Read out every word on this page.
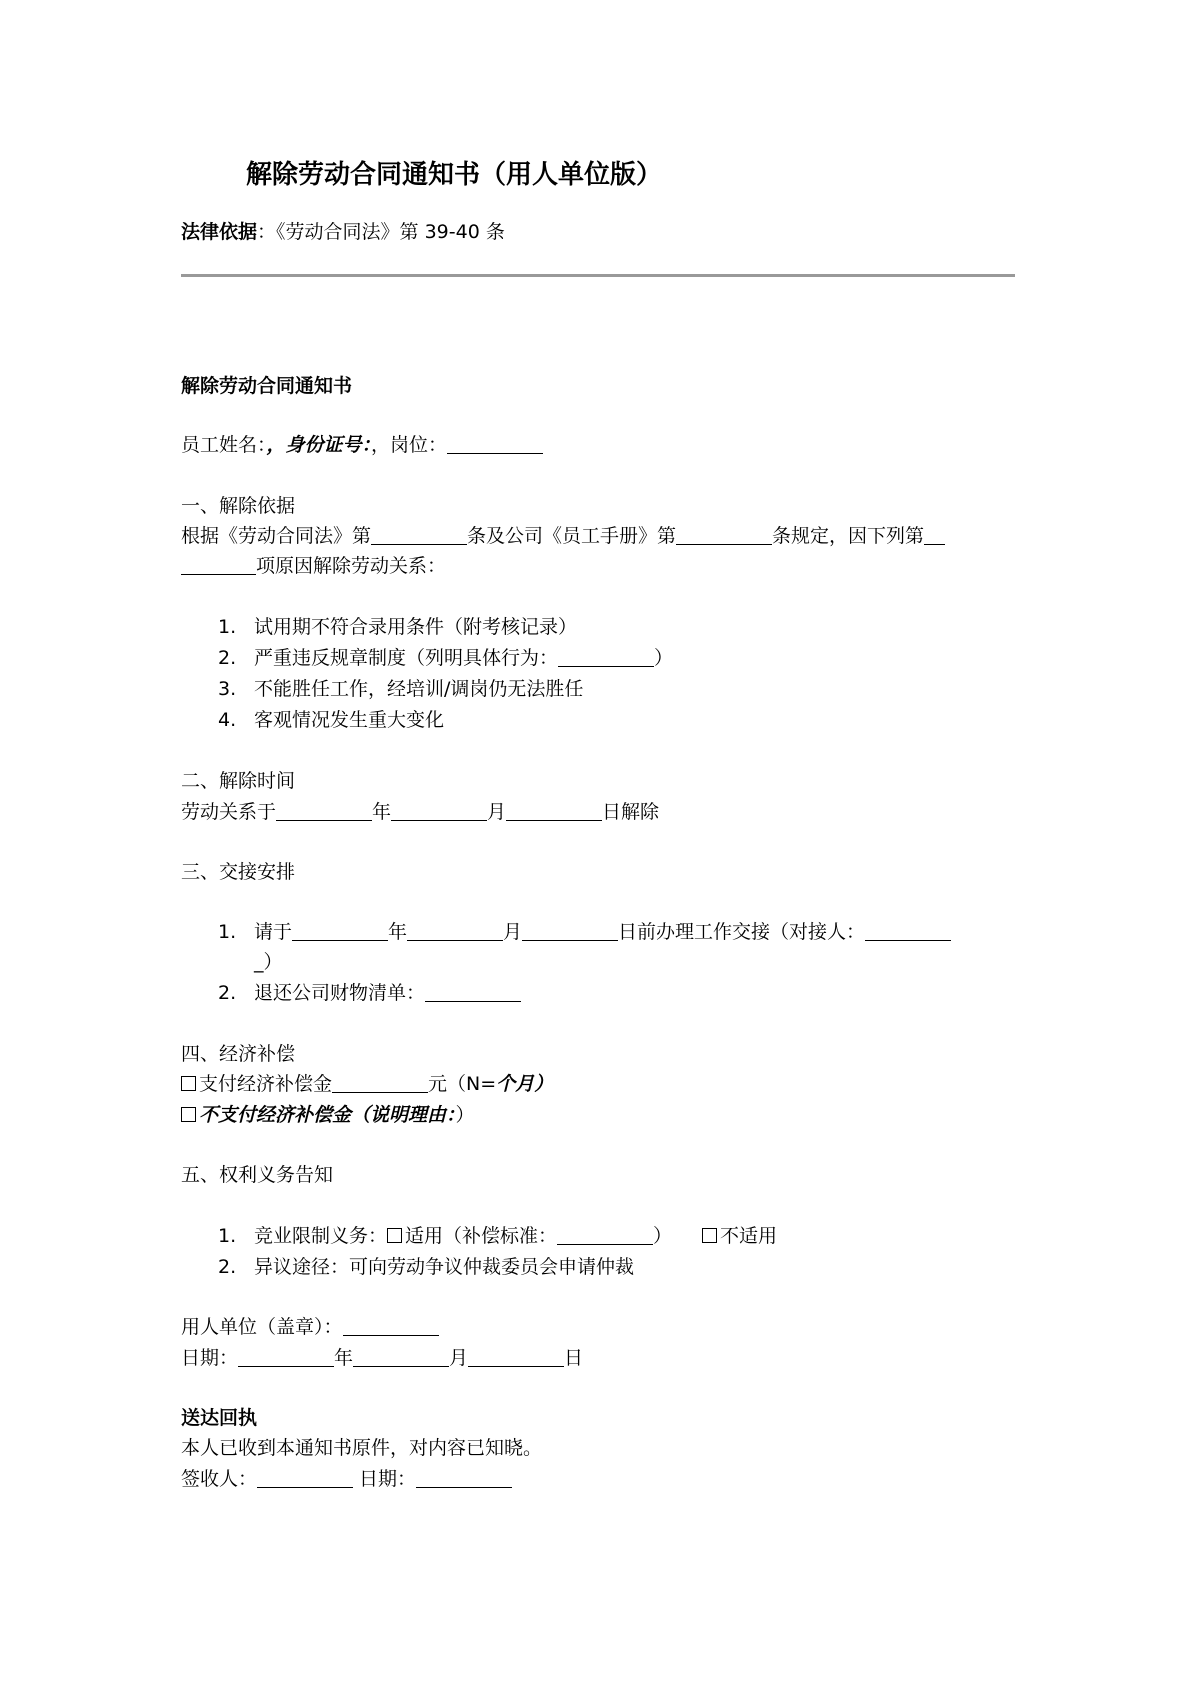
解除劳动合同通知书（用人单位版）
法律依据：《劳动合同法》第 39-40 条
解除劳动合同通知书
员工姓名：，身份证号：，岗位：
一、解除依据
根据《劳动合同法》第	条及公司《员工手册》第	条规定，因下列第
项原因解除劳动关系：
1. 试用期不符合录用条件（附考核记录）
2. 严重违反规章制度（列明具体行为：	）
3. 不能胜任工作，经培训/调岗仍无法胜任
4. 客观情况发生重大变化
二、解除时间
劳动关系于	年	月	日解除
三、交接安排
1. 请于	年	月	日前办理工作交接（对接人：
_）
2. 退还公司财物清单：
四、经济补偿
支付经济补偿金	元（N=个月）
不支付经济补偿金（说明理由：）
五、权利义务告知
1. 竞业限制义务： 适用（补偿标准：	）	不适用
2. 异议途径：可向劳动争议仲裁委员会申请仲裁
用人单位（盖章）：
日期：	年	月	日
送达回执
本人已收到本通知书原件，对内容已知晓。
签收人：	日期：
